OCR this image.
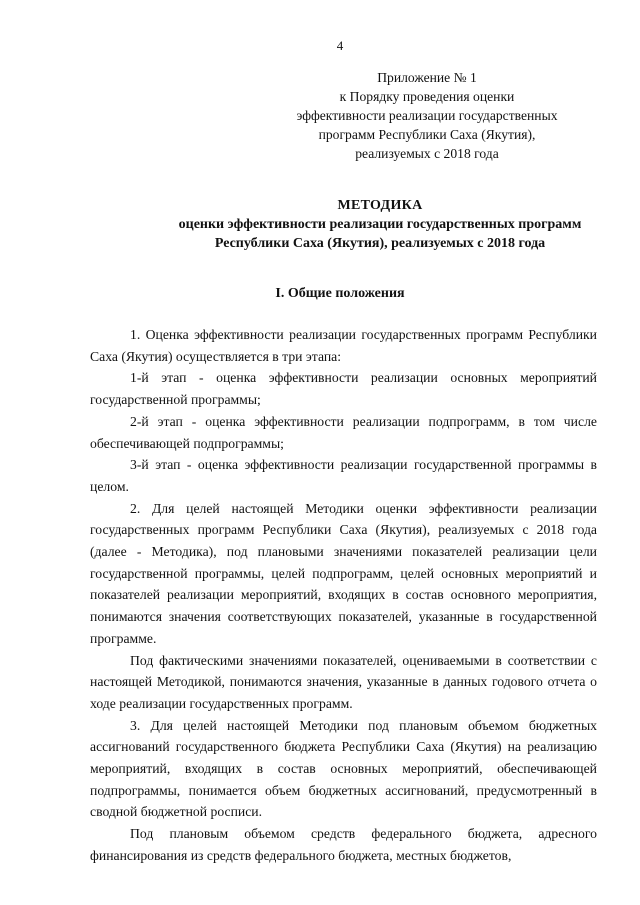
4
Приложение № 1
к Порядку проведения оценки
эффективности реализации государственных
программ Республики Саха (Якутия),
реализуемых с 2018 года
МЕТОДИКА
оценки эффективности реализации государственных программ
Республики Саха (Якутия), реализуемых с 2018 года
I. Общие положения

1. Оценка эффективности реализации государственных программ Республики Саха (Якутия) осуществляется в три этапа:

1-й этап - оценка эффективности реализации основных мероприятий государственной программы;

2-й этап - оценка эффективности реализации подпрограмм, в том числе обеспечивающей подпрограммы;

3-й этап - оценка эффективности реализации государственной программы в целом.

2. Для целей настоящей Методики оценки эффективности реализации государственных программ Республики Саха (Якутия), реализуемых с 2018 года (далее - Методика), под плановыми значениями показателей реализации цели государственной программы, целей подпрограмм, целей основных мероприятий и показателей реализации мероприятий, входящих в состав основного мероприятия, понимаются значения соответствующих показателей, указанные в государственной программе.

Под фактическими значениями показателей, оцениваемыми в соответствии с настоящей Методикой, понимаются значения, указанные в данных годового отчета о ходе реализации государственных программ.

3. Для целей настоящей Методики под плановым объемом бюджетных ассигнований государственного бюджета Республики Саха (Якутия) на реализацию мероприятий, входящих в состав основных мероприятий, обеспечивающей подпрограммы, понимается объем бюджетных ассигнований, предусмотренный в сводной бюджетной росписи.

Под плановым объемом средств федерального бюджета, адресного финансирования из средств федерального бюджета, местных бюджетов,
